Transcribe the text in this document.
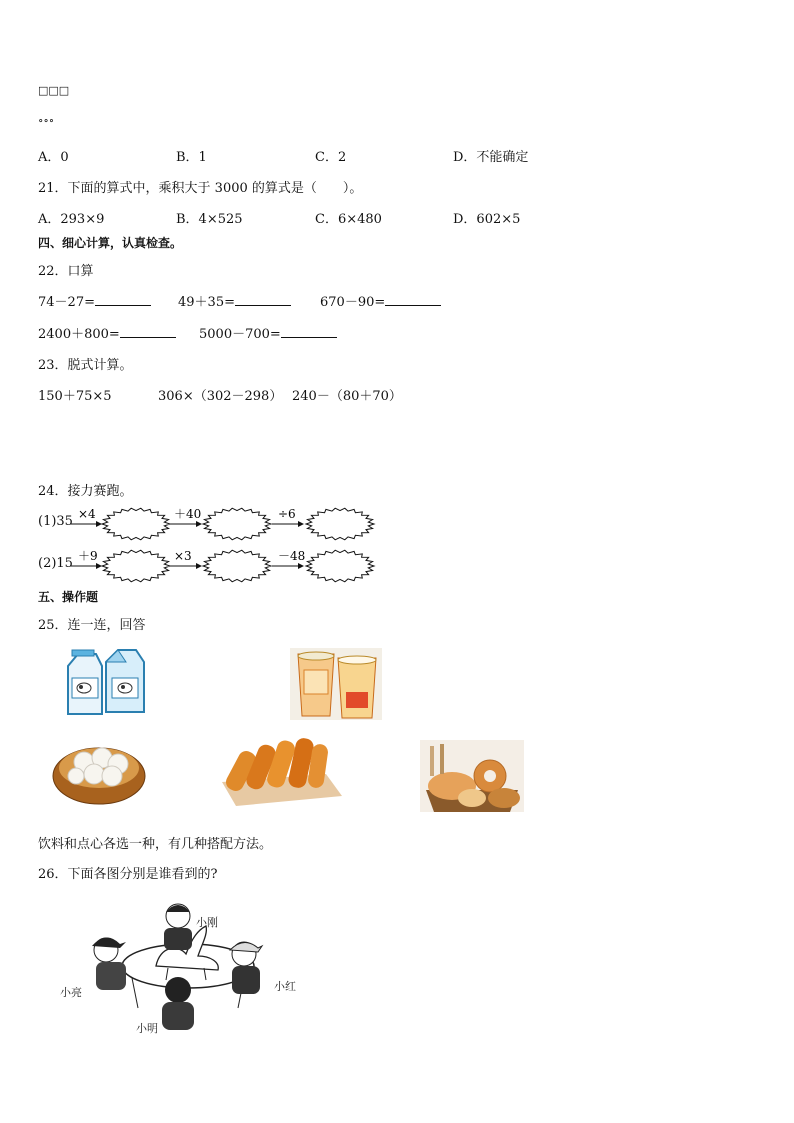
□□□
∘∘∘
A．0	B．1	C．2	D．不能确定
21．下面的算式中，乘积大于 3000 的算式是（　　）。
A．293×9	B．4×525	C．6×480	D．602×5
四、细心计算，认真检查。
22．口算
74－27=	49＋35=	670－90=
2400＋800=	5000－700=
23．脱式计算。
150＋75×5	306×（302－298） 240－（80＋70）
24．接力赛跑。
(1)35 ×4	＋40	÷6
(2)15 ＋9	×3	－48
五、操作题
25．连一连，回答
饮料和点心各选一种，有几种搭配方法。
26．下面各图分别是谁看到的?
小刚
小亮	小红
小明
